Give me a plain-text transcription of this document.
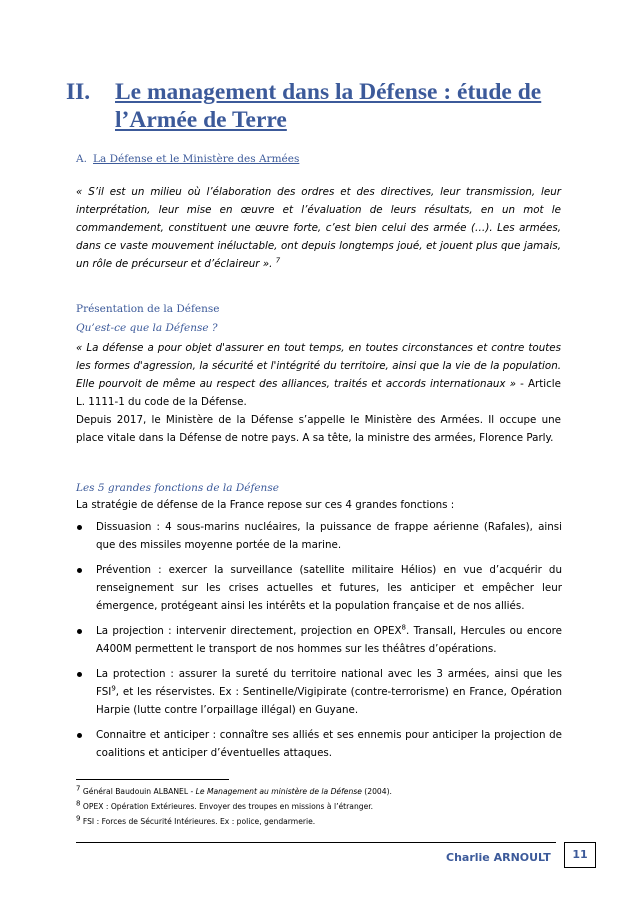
II. Le management dans la Défense : étude de l’Armée de Terre
A. La Défense et le Ministère des Armées
« S’il est un milieu où l’élaboration des ordres et des directives, leur transmission, leur interprétation, leur mise en œuvre et l’évaluation de leurs résultats, en un mot le commandement, constituent une œuvre forte, c’est bien celui des armée (…). Les armées, dans ce vaste mouvement inéluctable, ont depuis longtemps joué, et jouent plus que jamais, un rôle de précurseur et d’éclaireur ». $^7$
Présentation de la Défense
Qu’est-ce que la Défense ?
« La défense a pour objet d'assurer en tout temps, en toutes circonstances et contre toutes les formes d'agression, la sécurité et l'intégrité du territoire, ainsi que la vie de la population. Elle pourvoit de même au respect des alliances, traités et accords internationaux » - Article L. 1111-1 du code de la Défense.
Depuis 2017, le Ministère de la Défense s’appelle le Ministère des Armées. Il occupe une place vitale dans la Défense de notre pays. A sa tête, la ministre des armées, Florence Parly.
Les 5 grandes fonctions de la Défense
La stratégie de défense de la France repose sur ces 4 grandes fonctions :
Dissuasion : 4 sous-marins nucléaires, la puissance de frappe aérienne (Rafales), ainsi que des missiles moyenne portée de la marine.
Prévention : exercer la surveillance (satellite militaire Hélios) en vue d’acquérir du renseignement sur les crises actuelles et futures, les anticiper et empêcher leur émergence, protégeant ainsi les intérêts et la population française et de nos alliés.
La projection : intervenir directement, projection en OPEX$^8$. Transall, Hercules ou encore A400M permettent le transport de nos hommes sur les théâtres d’opérations.
La protection : assurer la sureté du territoire national avec les 3 armées, ainsi que les FSI$^9$, et les réservistes. Ex : Sentinelle/Vigipirate (contre-terrorisme) en France, Opération Harpie (lutte contre l’orpaillage illégal) en Guyane.
Connaitre et anticiper : connaître ses alliés et ses ennemis pour anticiper la projection de coalitions et anticiper d’éventuelles attaques.
$^7$ Général Baudouin ALBANEL - Le Management au ministère de la Défense (2004).
$^8$ OPEX : Opération Extérieures. Envoyer des troupes en missions à l’étranger.
$^9$ FSI : Forces de Sécurité Intérieures. Ex : police, gendarmerie.
Charlie ARNOULT	11
